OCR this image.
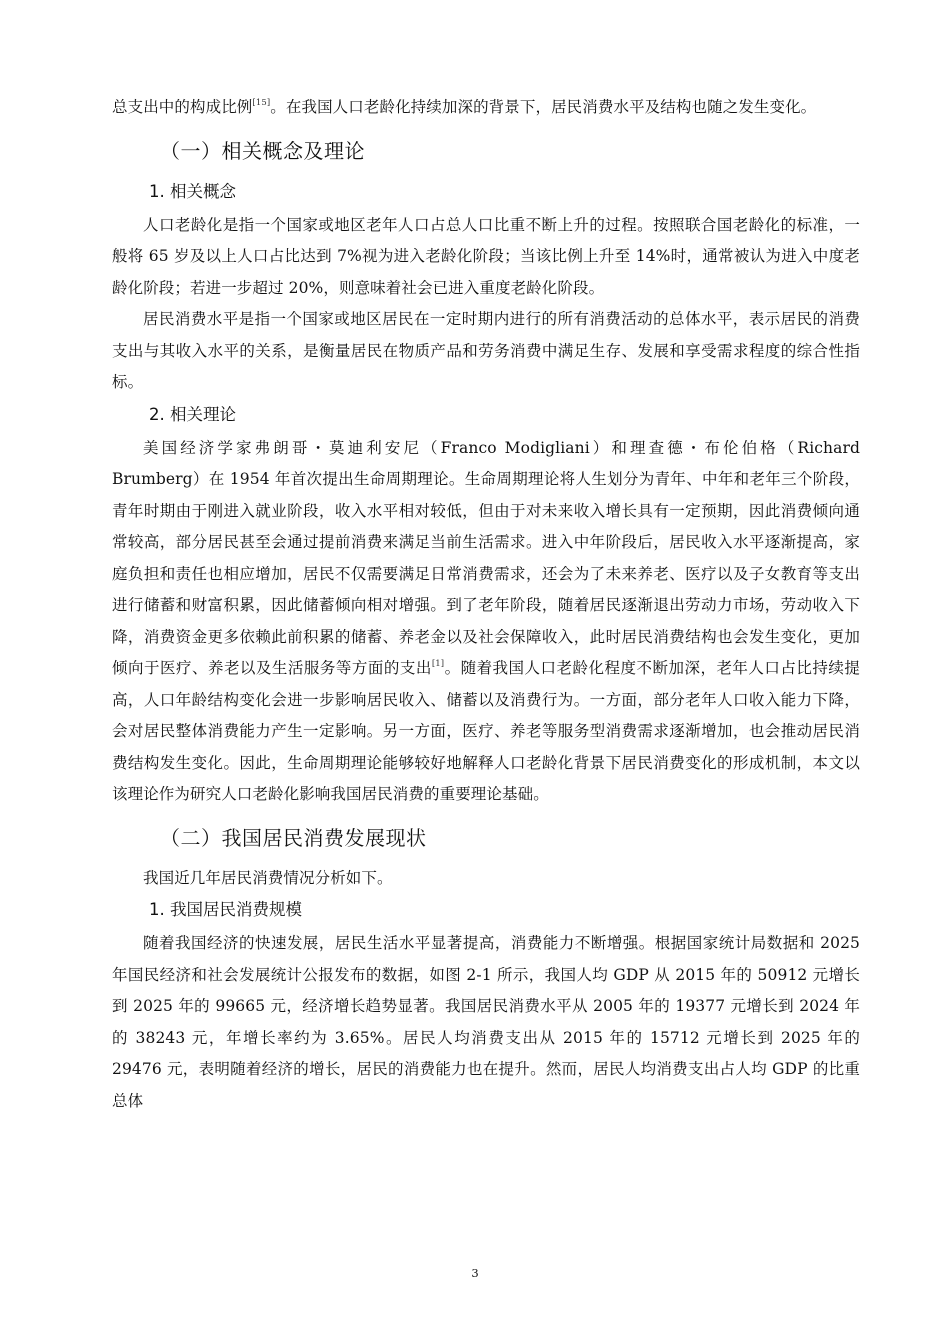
总支出中的构成比例[15]。在我国人口老龄化持续加深的背景下，居民消费水平及结构也随之发生变化。

（一）相关概念及理论
1. 相关概念

人口老龄化是指一个国家或地区老年人口占总人口比重不断上升的过程。按照联合国老龄化的标准，一般将 65 岁及以上人口占比达到 7%视为进入老龄化阶段；当该比例上升至 14%时，通常被认为进入中度老龄化阶段；若进一步超过 20%，则意味着社会已进入重度老龄化阶段。

居民消费水平是指一个国家或地区居民在一定时期内进行的所有消费活动的总体水平，表示居民的消费支出与其收入水平的关系，是衡量居民在物质产品和劳务消费中满足生存、发展和享受需求程度的综合性指标。

2. 相关理论

美国经济学家弗朗哥・莫迪利安尼（Franco Modigliani）和理查德・布伦伯格（Richard Brumberg）在 1954 年首次提出生命周期理论。生命周期理论将人生划分为青年、中年和老年三个阶段，青年时期由于刚进入就业阶段，收入水平相对较低，但由于对未来收入增长具有一定预期，因此消费倾向通常较高，部分居民甚至会通过提前消费来满足当前生活需求。进入中年阶段后，居民收入水平逐渐提高，家庭负担和责任也相应增加，居民不仅需要满足日常消费需求，还会为了未来养老、医疗以及子女教育等支出进行储蓄和财富积累，因此储蓄倾向相对增强。到了老年阶段，随着居民逐渐退出劳动力市场，劳动收入下降，消费资金更多依赖此前积累的储蓄、养老金以及社会保障收入，此时居民消费结构也会发生变化，更加倾向于医疗、养老以及生活服务等方面的支出[1]。随着我国人口老龄化程度不断加深，老年人口占比持续提高，人口年龄结构变化会进一步影响居民收入、储蓄以及消费行为。一方面，部分老年人口收入能力下降，会对居民整体消费能力产生一定影响。另一方面，医疗、养老等服务型消费需求逐渐增加，也会推动居民消费结构发生变化。因此，生命周期理论能够较好地解释人口老龄化背景下居民消费变化的形成机制，本文以该理论作为研究人口老龄化影响我国居民消费的重要理论基础。

（二）我国居民消费发展现状

我国近几年居民消费情况分析如下。

1. 我国居民消费规模

随着我国经济的快速发展，居民生活水平显著提高，消费能力不断增强。根据国家统计局数据和 2025 年国民经济和社会发展统计公报发布的数据，如图 2-1 所示，我国人均 GDP 从 2015 年的 50912 元增长到 2025 年的 99665 元，经济增长趋势显著。我国居民消费水平从 2005 年的 19377 元增长到 2024 年的 38243 元，年增长率约为 3.65%。居民人均消费支出从 2015 年的 15712 元增长到 2025 年的 29476 元，表明随着经济的增长，居民的消费能力也在提升。然而，居民人均消费支出占人均 GDP 的比重总体

3
